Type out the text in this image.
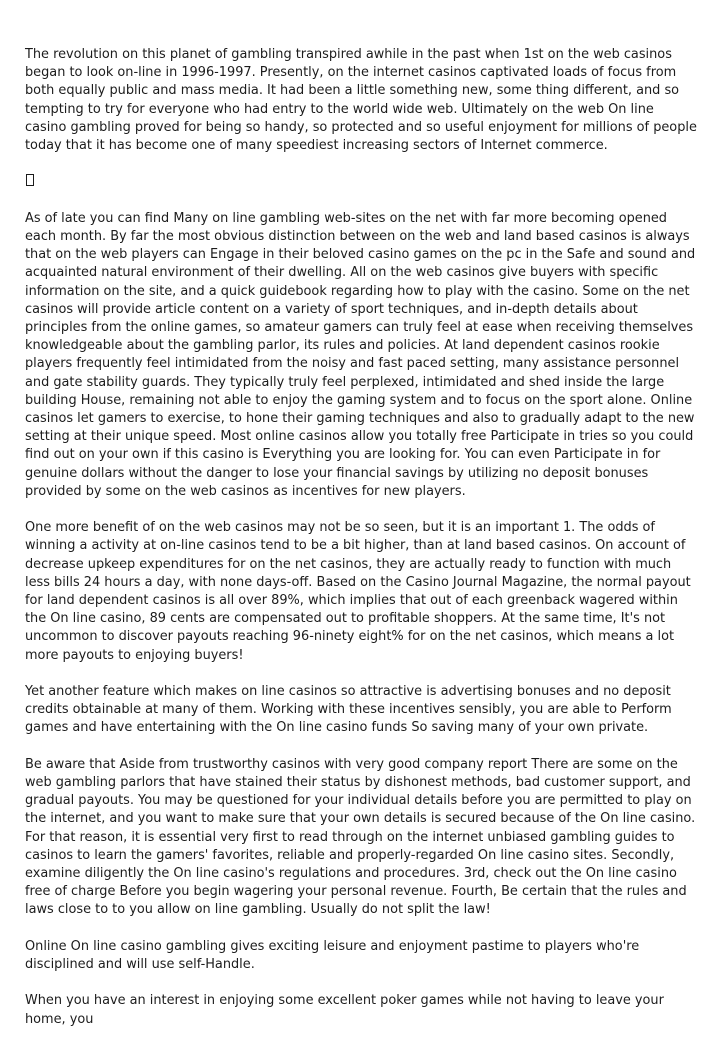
The revolution on this planet of gambling transpired awhile in the past when 1st on the web casinos began to look on-line in 1996-1997. Presently, on the internet casinos captivated loads of focus from both equally public and mass media. It had been a little something new, some thing different, and so tempting to try for everyone who had entry to the world wide web. Ultimately on the web On line casino gambling proved for being so handy, so protected and so useful enjoyment for millions of people today that it has become one of many speediest increasing sectors of Internet commerce.

As of late you can find Many on line gambling web-sites on the net with far more becoming opened each month. By far the most obvious distinction between on the web and land based casinos is always that on the web players can Engage in their beloved casino games on the pc in the Safe and sound and acquainted natural environment of their dwelling. All on the web casinos give buyers with specific information on the site, and a quick guidebook regarding how to play with the casino. Some on the net casinos will provide article content on a variety of sport techniques, and in-depth details about principles from the online games, so amateur gamers can truly feel at ease when receiving themselves knowledgeable about the gambling parlor, its rules and policies. At land dependent casinos rookie players frequently feel intimidated from the noisy and fast paced setting, many assistance personnel and gate stability guards. They typically truly feel perplexed, intimidated and shed inside the large building House, remaining not able to enjoy the gaming system and to focus on the sport alone. Online casinos let gamers to exercise, to hone their gaming techniques and also to gradually adapt to the new setting at their unique speed. Most online casinos allow you totally free Participate in tries so you could find out on your own if this casino is Everything you are looking for. You can even Participate in for genuine dollars without the danger to lose your financial savings by utilizing no deposit bonuses provided by some on the web casinos as incentives for new players.

One more benefit of on the web casinos may not be so seen, but it is an important 1. The odds of winning a activity at on-line casinos tend to be a bit higher, than at land based casinos. On account of decrease upkeep expenditures for on the net casinos, they are actually ready to function with much less bills 24 hours a day, with none days-off. Based on the Casino Journal Magazine, the normal payout for land dependent casinos is all over 89%, which implies that out of each greenback wagered within the On line casino, 89 cents are compensated out to profitable shoppers. At the same time, It's not uncommon to discover payouts reaching 96-ninety eight% for on the net casinos, which means a lot more payouts to enjoying buyers!

Yet another feature which makes on line casinos so attractive is advertising bonuses and no deposit credits obtainable at many of them. Working with these incentives sensibly, you are able to Perform games and have entertaining with the On line casino funds So saving many of your own private.

Be aware that Aside from trustworthy casinos with very good company report There are some on the web gambling parlors that have stained their status by dishonest methods, bad customer support, and gradual payouts. You may be questioned for your individual details before you are permitted to play on the internet, and you want to make sure that your own details is secured because of the On line casino. For that reason, it is essential very first to read through on the internet unbiased gambling guides to casinos to learn the gamers' favorites, reliable and properly-regarded On line casino sites. Secondly, examine diligently the On line casino's regulations and procedures. 3rd, check out the On line casino free of charge Before you begin wagering your personal revenue. Fourth, Be certain that the rules and laws close to to you allow on line gambling. Usually do not split the law!

Online On line casino gambling gives exciting leisure and enjoyment pastime to players who're disciplined and will use self-Handle.

When you have an interest in enjoying some excellent poker games while not having to leave your home, you
